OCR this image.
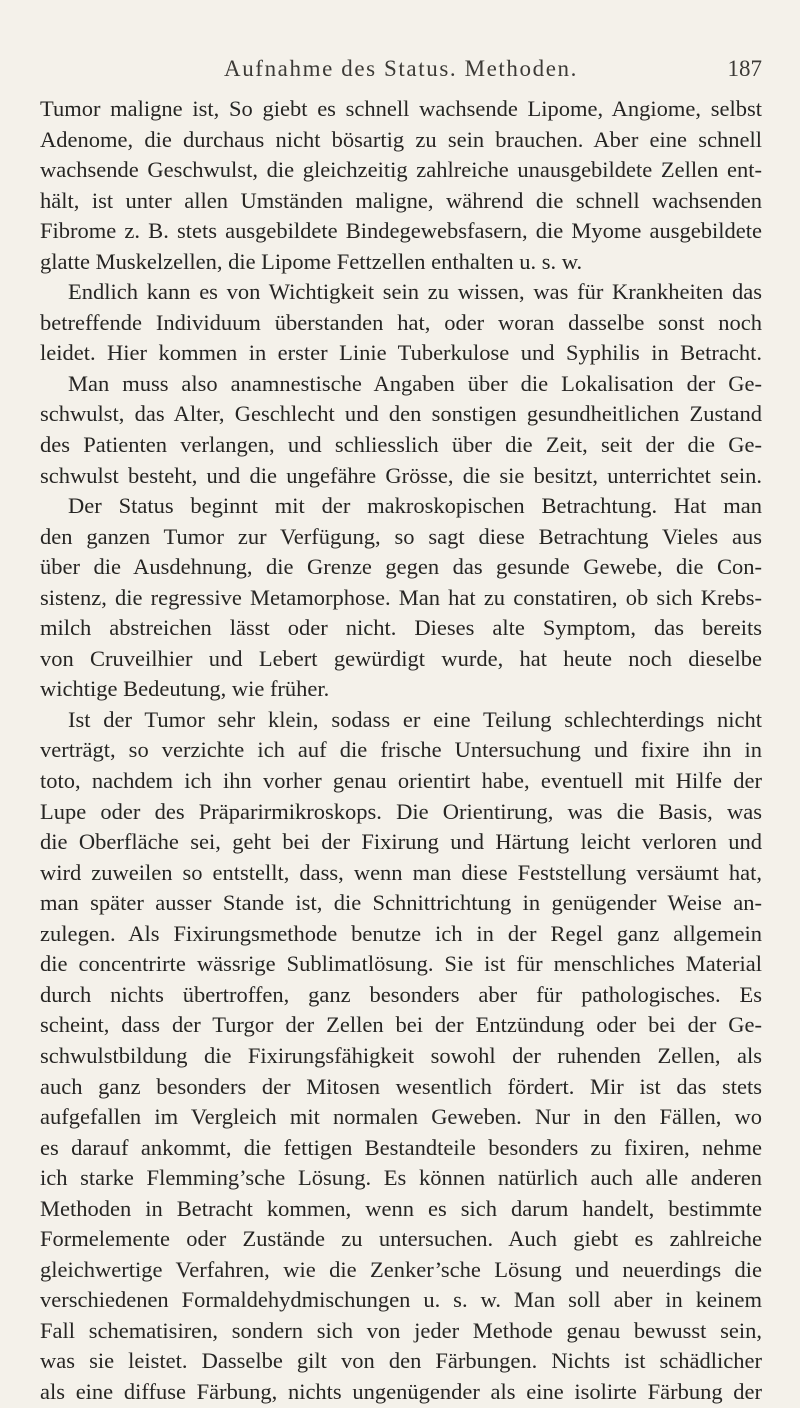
Aufnahme des Status. Methoden.	187
Tumor maligne ist, So giebt es schnell wachsende Lipome, Angiome, selbst
Adenome, die durchaus nicht bösartig zu sein brauchen. Aber eine schnell
wachsende Geschwulst, die gleichzeitig zahlreiche unausgebildete Zellen ent-
hält, ist unter allen Umständen maligne, während die schnell wachsenden
Fibrome z. B. stets ausgebildete Bindegewebsfasern, die Myome ausgebildete
glatte Muskelzellen, die Lipome Fettzellen enthalten u. s. w.
Endlich kann es von Wichtigkeit sein zu wissen, was für Krankheiten das
betreffende Individuum überstanden hat, oder woran dasselbe sonst noch
leidet. Hier kommen in erster Linie Tuberkulose und Syphilis in Betracht.
Man muss also anamnestische Angaben über die Lokalisation der Ge-
schwulst, das Alter, Geschlecht und den sonstigen gesundheitlichen Zustand
des Patienten verlangen, und schliesslich über die Zeit, seit der die Ge-
schwulst besteht, und die ungefähre Grösse, die sie besitzt, unterrichtet sein.
Der Status beginnt mit der makroskopischen Betrachtung. Hat man
den ganzen Tumor zur Verfügung, so sagt diese Betrachtung Vieles aus
über die Ausdehnung, die Grenze gegen das gesunde Gewebe, die Con-
sistenz, die regressive Metamorphose. Man hat zu constatiren, ob sich Krebs-
milch abstreichen lässt oder nicht. Dieses alte Symptom, das bereits
von Cruveilhier und Lebert gewürdigt wurde, hat heute noch dieselbe
wichtige Bedeutung, wie früher.
Ist der Tumor sehr klein, sodass er eine Teilung schlechterdings nicht
verträgt, so verzichte ich auf die frische Untersuchung und fixire ihn in
toto, nachdem ich ihn vorher genau orientirt habe, eventuell mit Hilfe der
Lupe oder des Präparirmikroskops. Die Orientirung, was die Basis, was
die Oberfläche sei, geht bei der Fixirung und Härtung leicht verloren und
wird zuweilen so entstellt, dass, wenn man diese Feststellung versäumt hat,
man später ausser Stande ist, die Schnittrichtung in genügender Weise an-
zulegen. Als Fixirungsmethode benutze ich in der Regel ganz allgemein
die concentrirte wässrige Sublimatlösung. Sie ist für menschliches Material
durch nichts übertroffen, ganz besonders aber für pathologisches. Es
scheint, dass der Turgor der Zellen bei der Entzündung oder bei der Ge-
schwulstbildung die Fixirungsfähigkeit sowohl der ruhenden Zellen, als
auch ganz besonders der Mitosen wesentlich fördert. Mir ist das stets
aufgefallen im Vergleich mit normalen Geweben. Nur in den Fällen, wo
es darauf ankommt, die fettigen Bestandteile besonders zu fixiren, nehme
ich starke Flemming’sche Lösung. Es können natürlich auch alle anderen
Methoden in Betracht kommen, wenn es sich darum handelt, bestimmte
Formelemente oder Zustände zu untersuchen. Auch giebt es zahlreiche
gleichwertige Verfahren, wie die Zenker’sche Lösung und neuerdings die
verschiedenen Formaldehydmischungen u. s. w. Man soll aber in keinem
Fall schematisiren, sondern sich von jeder Methode genau bewusst sein,
was sie leistet. Dasselbe gilt von den Färbungen. Nichts ist schädlicher
als eine diffuse Färbung, nichts ungenügender als eine isolirte Färbung der
